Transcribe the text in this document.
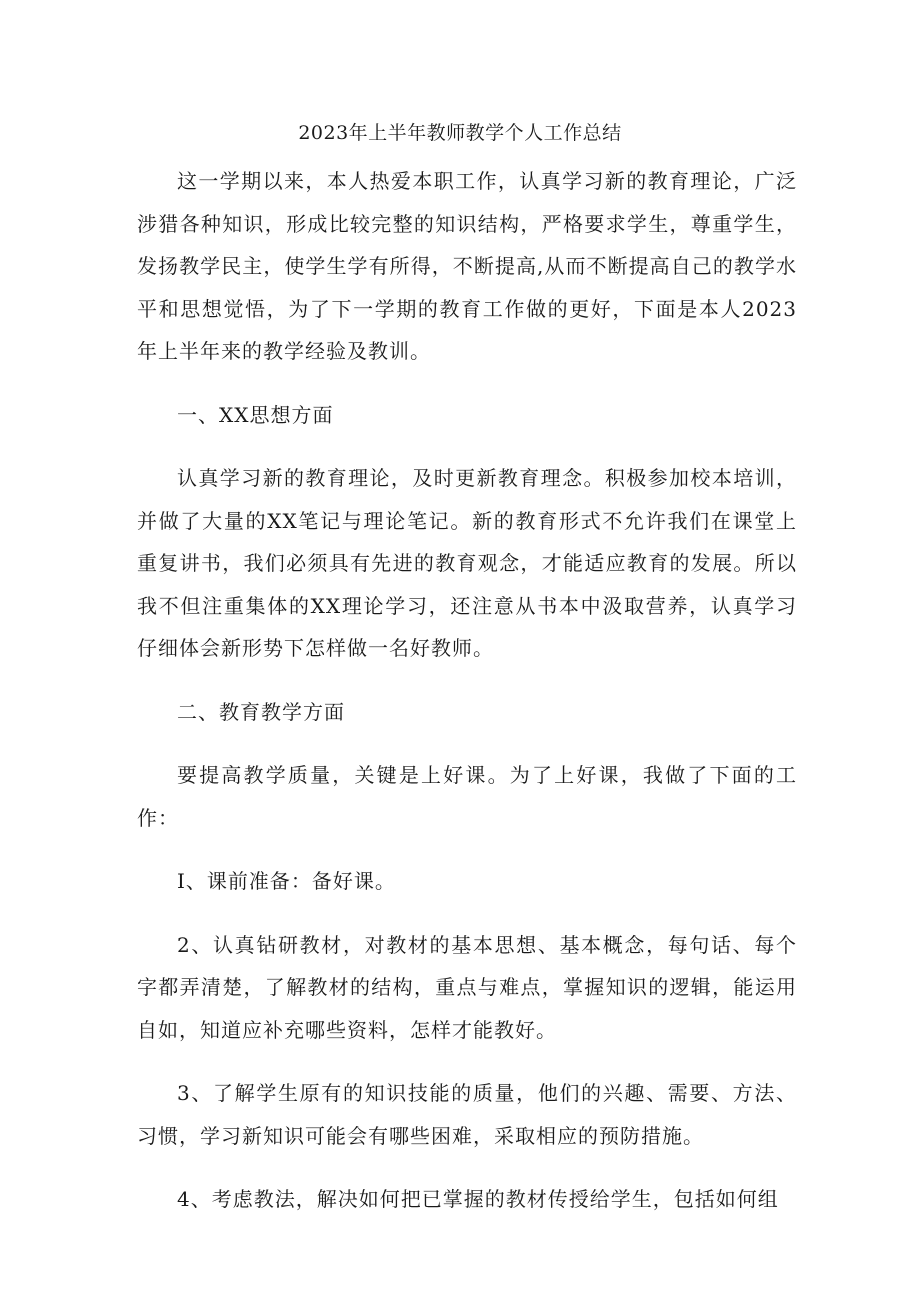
2023年上半年教师教学个人工作总结

这一学期以来，本人热爱本职工作，认真学习新的教育理论，广泛涉猎各种知识，形成比较完整的知识结构，严格要求学生，尊重学生，发扬教学民主，使学生学有所得，不断提高,从而不断提高自己的教学水平和思想觉悟，为了下一学期的教育工作做的更好，下面是本人2023年上半年来的教学经验及教训。

一、XX思想方面

认真学习新的教育理论，及时更新教育理念。积极参加校本培训，并做了大量的XX笔记与理论笔记。新的教育形式不允许我们在课堂上重复讲书，我们必须具有先进的教育观念，才能适应教育的发展。所以我不但注重集体的XX理论学习，还注意从书本中汲取营养，认真学习仔细体会新形势下怎样做一名好教师。

二、教育教学方面

要提高教学质量，关键是上好课。为了上好课，我做了下面的工作：

I、课前准备：备好课。

2、认真钻研教材，对教材的基本思想、基本概念，每句话、每个字都弄清楚，了解教材的结构，重点与难点，掌握知识的逻辑，能运用自如，知道应补充哪些资料，怎样才能教好。

3、了解学生原有的知识技能的质量，他们的兴趣、需要、方法、习惯，学习新知识可能会有哪些困难，采取相应的预防措施。

4、考虑教法，解决如何把已掌握的教材传授给学生，包括如何组
